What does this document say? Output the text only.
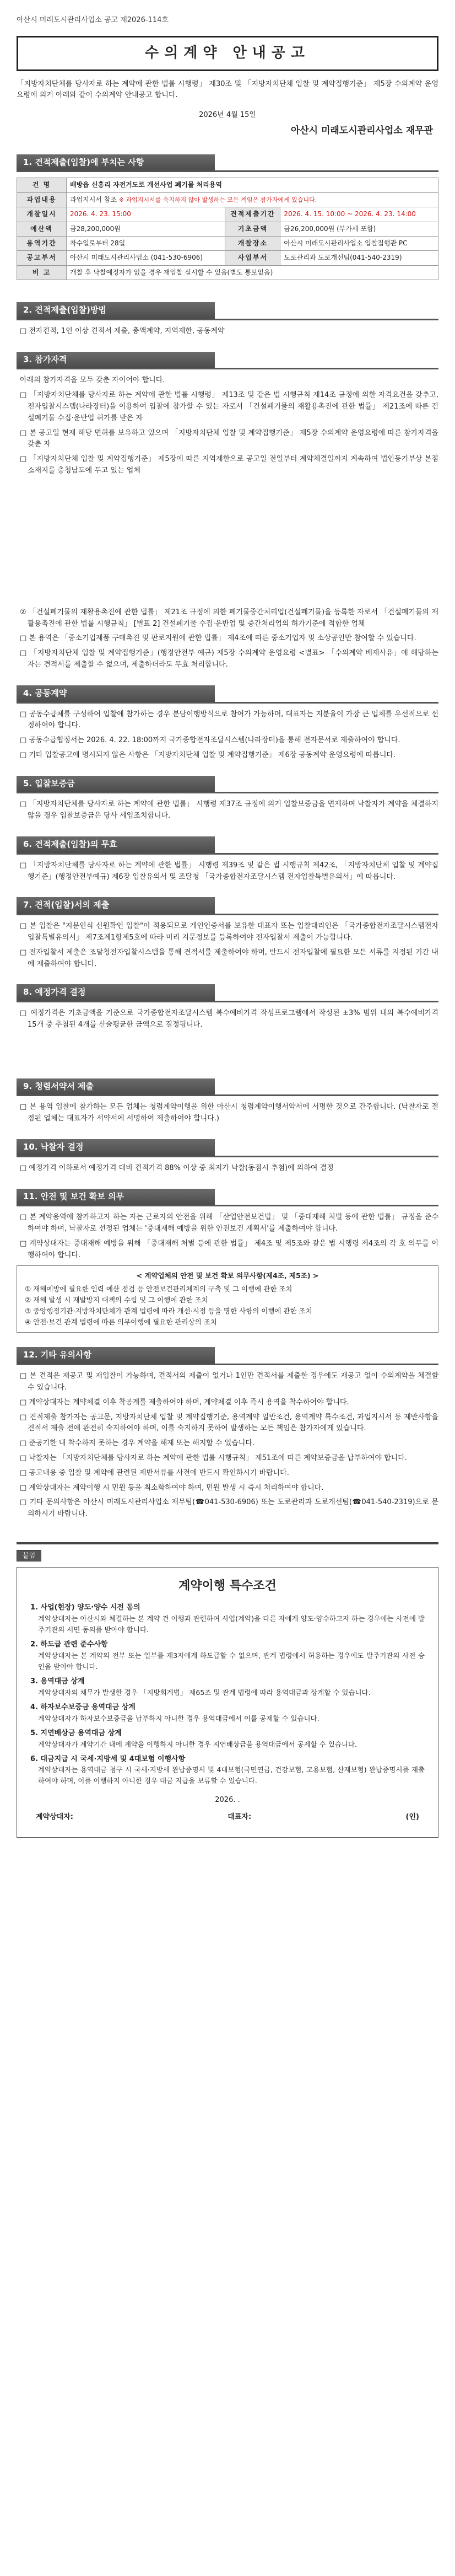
아산시 미래도시관리사업소 공고 제2026-114호
수의계약 안내공고
「지방자치단체를 당사자로 하는 계약에 관한 법률 시행령」 제30조 및 「지방자치단체 입찰 및 계약집행기준」 제5장 수의계약 운영요령에 의거 아래와 같이 수의계약 안내공고 합니다.
2026년 4월 15일
아산시 미래도시관리사업소 재무관
1. 견적제출(입찰)에 부치는 사항
건 명	배방읍 신흥리 자전거도로 개선사업 폐기물 처리용역		
과업내용	과업지시서 참조 ※ 과업지시서를 숙지하지 않아 발생하는 모든 책임은 참가자에게 있습니다.		
개찰일시	2026. 4. 23. 15:00	견적제출기간	2026. 4. 15. 10:00 ~ 2026. 4. 23. 14:00
예산액	금28,200,000원	기초금액	금26,200,000원 (부가세 포함)
용역기간	착수일로부터 28일	개찰장소	아산시 미래도시관리사업소 입찰집행관 PC
공고부서	아산시 미래도시관리사업소 (041-530-6906)	사업부서	도로관리과 도로개선팀(041-540-2319)
비 고	개찰 후 낙찰예정자가 없을 경우 재입찰 실시할 수 있음(별도 통보없음)		
2. 견적제출(입찰)방법
□ 전자견적, 1인 이상 견적서 제출, 총액계약, 지역제한, 공동계약
3. 참가자격
아래의 참가자격을 모두 갖춘 자이어야 합니다.
□ 「지방자치단체를 당사자로 하는 계약에 관한 법률 시행령」 제13조 및 같은 법 시행규칙 제14조 규정에 의한 자격요건을 갖추고, 전자입찰시스템(나라장터)을 이용하여 입찰에 참가할 수 있는 자로서 「건설폐기물의 재활용촉진에 관한 법률」 제21조에 따른 건설폐기물 수집·운반업 허가를 받은 자
□ 본 공고일 현재 해당 면허를 보유하고 있으며 「지방자치단체 입찰 및 계약집행기준」 제5장 수의계약 운영요령에 따른 참가자격을 갖춘 자
□ 「지방자치단체 입찰 및 계약집행기준」 제5장에 따른 지역제한으로 공고일 전일부터 계약체결일까지 계속하여 법인등기부상 본점소재지를 충청남도에 두고 있는 업체
② 「건설폐기물의 재활용촉진에 관한 법률」 제21조 규정에 의한 폐기물중간처리업(건설폐기물)을 등록한 자로서 「건설폐기물의 재활용촉진에 관한 법률 시행규칙」 [별표 2] 건설폐기물 수집·운반업 및 중간처리업의 허가기준에 적합한 업체
□ 본 용역은 「중소기업제품 구매촉진 및 판로지원에 관한 법률」 제4조에 따른 중소기업자 및 소상공인만 참여할 수 있습니다.
□ 「지방자치단체 입찰 및 계약집행기준」(행정안전부 예규) 제5장 수의계약 운영요령 <별표> 「수의계약 배제사유」에 해당하는 자는 견적서를 제출할 수 없으며, 제출하더라도 무효 처리합니다.
4. 공동계약
□ 공동수급체를 구성하여 입찰에 참가하는 경우 분담이행방식으로 참여가 가능하며, 대표자는 지분율이 가장 큰 업체를 우선적으로 선정하여야 합니다.
□ 공동수급협정서는 2026. 4. 22. 18:00까지 국가종합전자조달시스템(나라장터)을 통해 전자문서로 제출하여야 합니다.
□ 기타 입찰공고에 명시되지 않은 사항은 「지방자치단체 입찰 및 계약집행기준」 제6장 공동계약 운영요령에 따릅니다.
5. 입찰보증금
□ 「지방자치단체를 당사자로 하는 계약에 관한 법률」 시행령 제37조 규정에 의거 입찰보증금을 면제하며 낙찰자가 계약을 체결하지 않을 경우 입찰보증금은 당사 세입조치합니다.
6. 견적제출(입찰)의 무효
□ 「지방자치단체를 당사자로 하는 계약에 관한 법률」 시행령 제39조 및 같은 법 시행규칙 제42조, 「지방자치단체 입찰 및 계약집행기준」(행정안전부예규) 제6장 입찰유의서 및 조달청 「국가종합전자조달시스템 전자입찰특별유의서」에 따릅니다.
7. 견적(입찰)서의 제출
□ 본 입찰은 "지문인식 신원확인 입찰"이 적용되므로 개인인증서를 보유한 대표자 또는 입찰대리인은 「국가종합전자조달시스템전자입찰특별유의서」 제7조제1항제5호에 따라 미리 지문정보를 등록하여야 전자입찰서 제출이 가능합니다.
□ 전자입찰서 제출은 조달청전자입찰시스템을 통해 견적서를 제출하여야 하며, 반드시 전자입찰에 필요한 모든 서류를 지정된 기간 내에 제출하여야 합니다.
8. 예정가격 결정
□ 예정가격은 기초금액을 기준으로 국가종합전자조달시스템 복수예비가격 작성프로그램에서 작성된 ±3% 범위 내의 복수예비가격 15개 중 추첨된 4개를 산술평균한 금액으로 결정됩니다.
9. 청렴서약서 제출
□ 본 용역 입찰에 참가하는 모든 업체는 청렴계약이행을 위한 아산시 청렴계약이행서약서에 서명한 것으로 간주합니다. (낙찰자로 결정된 업체는 대표자가 서약서에 서명하여 제출하여야 합니다.)
10. 낙찰자 결정
□ 예정가격 이하로서 예정가격 대비 견적가격 88% 이상 중 최저가 낙찰(동점시 추첨)에 의하여 결정
11. 안전 및 보건 확보 의무
□ 본 계약용역에 참가하고자 하는 자는 근로자의 안전을 위해 「산업안전보건법」 및 「중대재해 처벌 등에 관한 법률」 규정을 준수하여야 하며, 낙찰자로 선정된 업체는 '중대재해 예방을 위한 안전보건 계획서'를 제출하여야 합니다.
□ 계약상대자는 중대재해 예방을 위해 「중대재해 처벌 등에 관한 법률」 제4조 및 제5조와 같은 법 시행령 제4조의 각 호 의무를 이행하여야 합니다.
< 계약업체의 안전 및 보건 확보 의무사항(제4조, 제5조) >
① 재해예방에 필요한 인력 예산 점검 등 안전보건관리체계의 구축 및 그 이행에 관한 조치
② 재해 발생 시 재발방지 대책의 수립 및 그 이행에 관한 조치
③ 중앙행정기관·지방자치단체가 관계 법령에 따라 개선·시정 등을 명한 사항의 이행에 관한 조치
④ 안전·보건 관계 법령에 따른 의무이행에 필요한 관리상의 조치
12. 기타 유의사항
□ 본 견적은 재공고 및 재입찰이 가능하며, 견적서의 제출이 없거나 1인만 견적서를 제출한 경우에도 재공고 없이 수의계약을 체결할 수 있습니다.
□ 계약상대자는 계약체결 이후 착공계를 제출하여야 하며, 계약체결 이후 즉시 용역을 착수하여야 합니다.
□ 견적제출 참가자는 공고문, 지방자치단체 입찰 및 계약집행기준, 용역계약 일반조건, 용역계약 특수조건, 과업지시서 등 제반사항을 견적서 제출 전에 완전히 숙지하여야 하며, 이를 숙지하지 못하여 발생하는 모든 책임은 참가자에게 있습니다.
□ 준공기한 내 착수하지 못하는 경우 계약을 해제 또는 해지할 수 있습니다.
□ 낙찰자는 「지방자치단체를 당사자로 하는 계약에 관한 법률 시행규칙」 제51조에 따른 계약보증금을 납부하여야 합니다.
□ 공고내용 중 입찰 및 계약에 관련된 제반서류를 사전에 반드시 확인하시기 바랍니다.
□ 계약상대자는 계약이행 시 민원 등을 최소화하여야 하며, 민원 발생 시 즉시 처리하여야 합니다.
□ 기타 문의사항은 아산시 미래도시관리사업소 재무팀(☎041-530-6906) 또는 도로관리과 도로개선팀(☎041-540-2319)으로 문의하시기 바랍니다.
붙임
계약이행 특수조건
1. 사업(현장) 양도·양수 시전 동의
계약상대자는 아산시와 체결하는 본 계약 건 이행과 관련하여 사업(계약)을 다른 자에게 양도·양수하고자 하는 경우에는 사전에 발주기관의 서면 동의를 받아야 합니다.
2. 하도급 관련 준수사항
계약상대자는 본 계약의 전부 또는 일부를 제3자에게 하도급할 수 없으며, 관계 법령에서 허용하는 경우에도 발주기관의 사전 승인을 받아야 합니다.
3. 용역대금 상계
계약상대자의 채무가 발생한 경우 「지방회계법」 제65조 및 관계 법령에 따라 용역대금과 상계할 수 있습니다.
4. 하자보수보증금 용역대금 상계
계약상대자가 하자보수보증금을 납부하지 아니한 경우 용역대금에서 이를 공제할 수 있습니다.
5. 지연배상금 용역대금 상계
계약상대자가 계약기간 내에 계약을 이행하지 아니한 경우 지연배상금을 용역대금에서 공제할 수 있습니다.
6. 대금지급 시 국세·지방세 및 4대보험 이행사항
계약상대자는 용역대금 청구 시 국세·지방세 완납증명서 및 4대보험(국민연금, 건강보험, 고용보험, 산재보험) 완납증명서를 제출하여야 하며, 이를 이행하지 아니한 경우 대금 지급을 보류할 수 있습니다.
2026. .
계약상대자:	대표자:	(인)
